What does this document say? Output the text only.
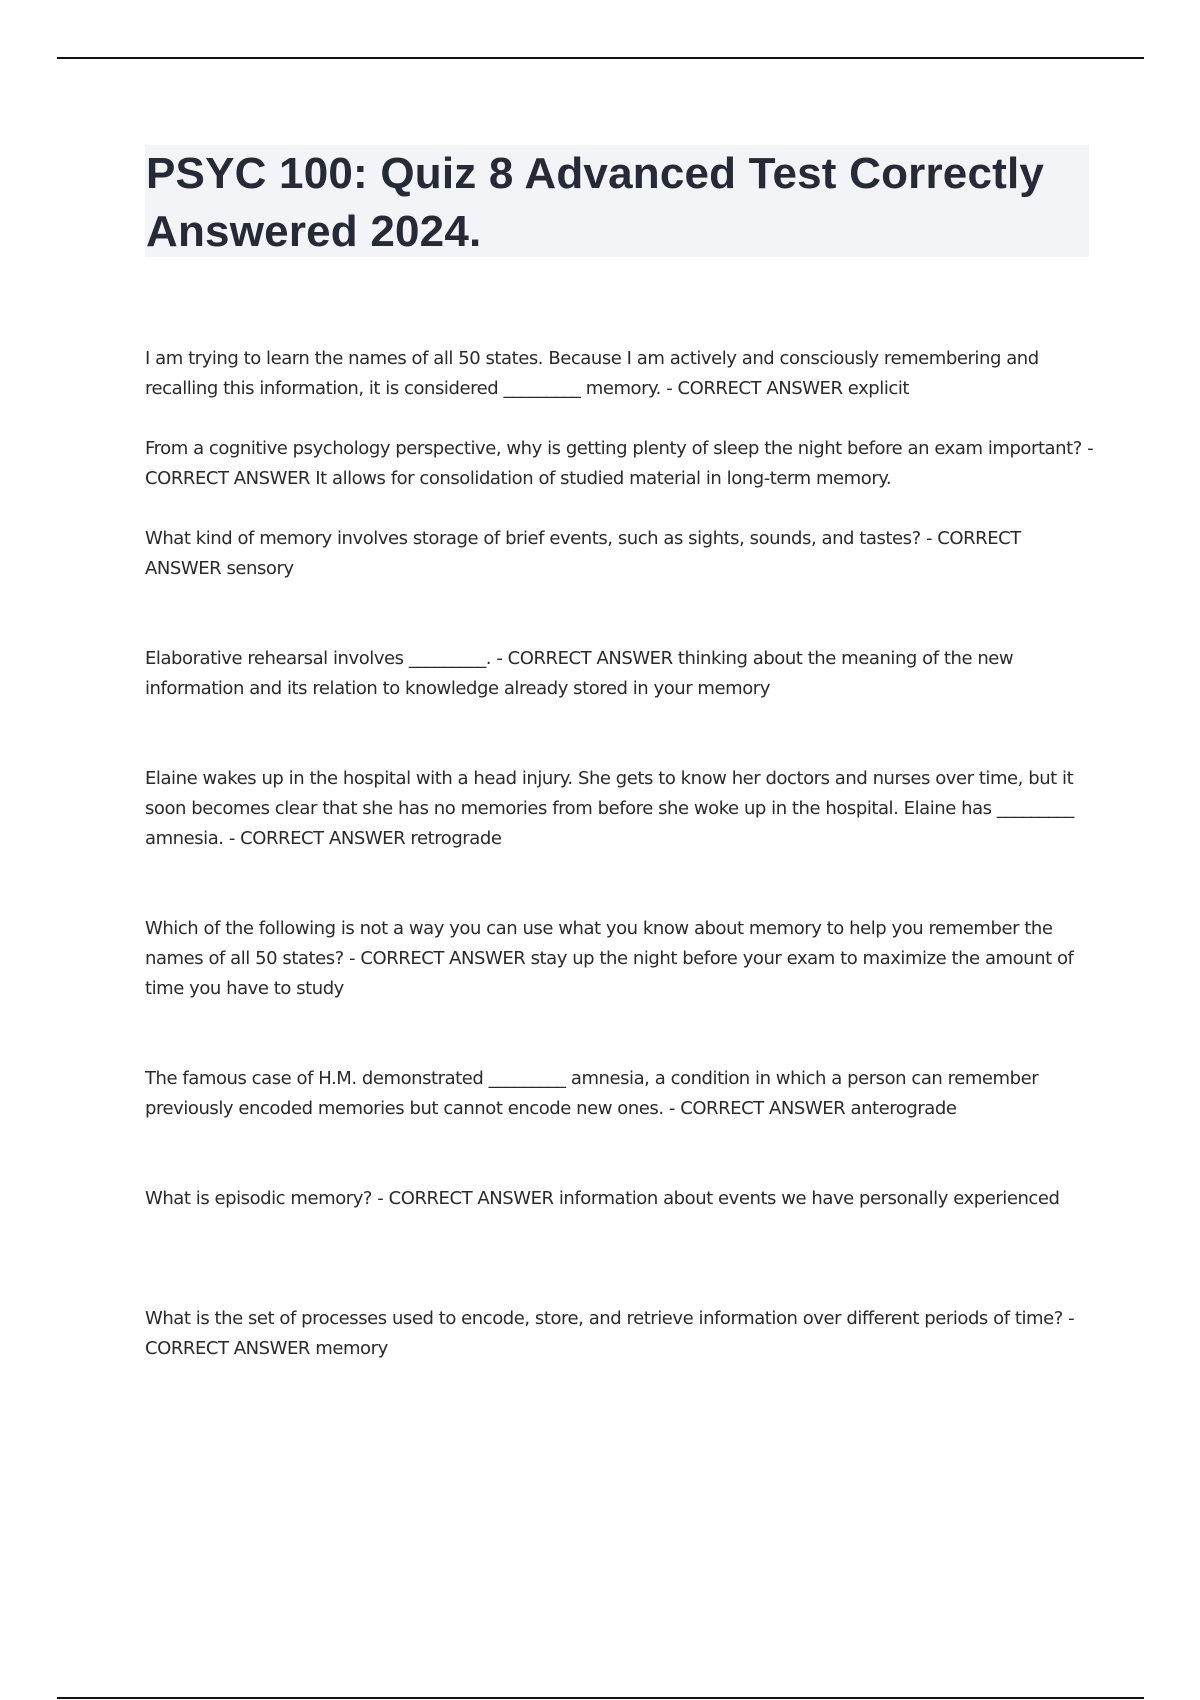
PSYC 100: Quiz 8 Advanced Test Correctly Answered 2024.
I am trying to learn the names of all 50 states. Because I am actively and consciously remembering and recalling this information, it is considered _________ memory. - CORRECT ANSWER explicit
From a cognitive psychology perspective, why is getting plenty of sleep the night before an exam important? - CORRECT ANSWER It allows for consolidation of studied material in long-term memory.
What kind of memory involves storage of brief events, such as sights, sounds, and tastes? - CORRECT ANSWER sensory
Elaborative rehearsal involves _________. - CORRECT ANSWER thinking about the meaning of the new information and its relation to knowledge already stored in your memory
Elaine wakes up in the hospital with a head injury. She gets to know her doctors and nurses over time, but it soon becomes clear that she has no memories from before she woke up in the hospital. Elaine has _________ amnesia. - CORRECT ANSWER retrograde
Which of the following is not a way you can use what you know about memory to help you remember the names of all 50 states? - CORRECT ANSWER stay up the night before your exam to maximize the amount of time you have to study
The famous case of H.M. demonstrated _________ amnesia, a condition in which a person can remember previously encoded memories but cannot encode new ones. - CORRECT ANSWER anterograde
What is episodic memory? - CORRECT ANSWER information about events we have personally experienced
What is the set of processes used to encode, store, and retrieve information over different periods of time? - CORRECT ANSWER memory
